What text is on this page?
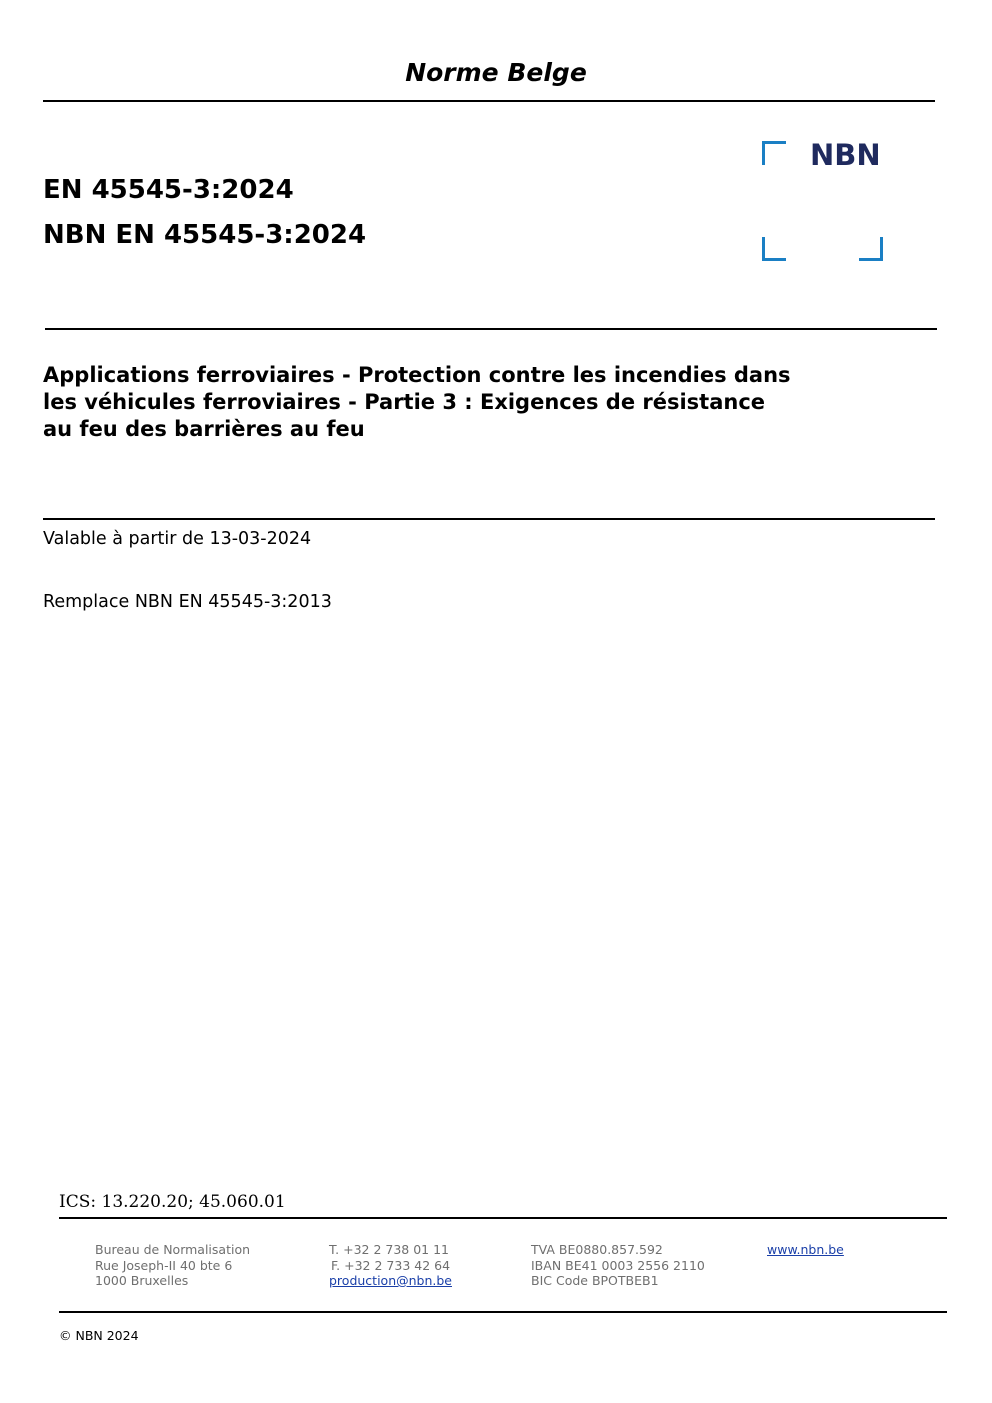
Norme Belge
EN 45545-3:2024
NBN EN 45545-3:2024
NBN
Applications ferroviaires - Protection contre les incendies dans
les véhicules ferroviaires - Partie 3 : Exigences de résistance
au feu des barrières au feu
Valable à partir de 13-03-2024
Remplace NBN EN 45545-3:2013
ICS: 13.220.20; 45.060.01
Bureau de Normalisation
Rue Joseph-II 40 bte 6
1000 Bruxelles
T. +32 2 738 01 11
F. +32 2 733 42 64
production@nbn.be
TVA BE0880.857.592
IBAN BE41 0003 2556 2110
BIC Code BPOTBEB1
www.nbn.be
© NBN 2024
